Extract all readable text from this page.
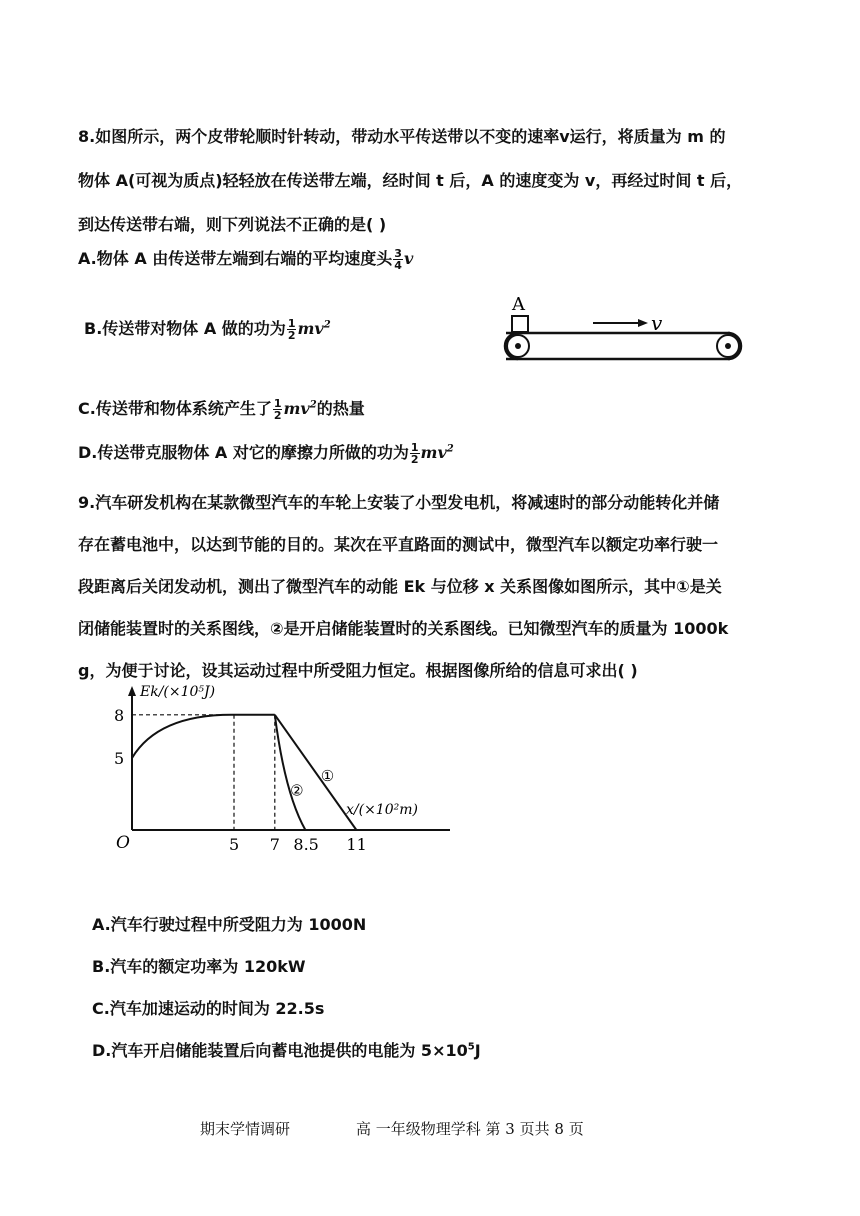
8.如图所示，两个皮带轮顺时针转动，带动水平传送带以不变的速率v运行，将质量为 m 的
物体 A(可视为质点)轻轻放在传送带左端，经时间 t 后，A 的速度变为 v，再经过时间 t 后，
到达传送带右端，则下列说法不正确的是( )
A.物体 A 由传送带左端到右端的平均速度头 $\frac{3}{4}$ v
B.传送带对物体 A 做的功为 $\frac{1}{2} mv^2$
A
v
C.传送带和物体系统产生了 $\frac{1}{2} mv^2$的热量
D.传送带克服物体 A 对它的摩擦力所做的功为 $\frac{1}{2} mv^2$
9.汽车研发机构在某款微型汽车的车轮上安装了小型发电机，将减速时的部分动能转化并储
存在蓄电池中，以达到节能的目的。某次在平直路面的测试中，微型汽车以额定功率行驶一
段距离后关闭发动机，测出了微型汽车的动能 Ek 与位移 x 关系图像如图所示，其中①是关
闭储能装置时的关系图线，②是开启储能装置时的关系图线。已知微型汽车的质量为 1000k
g，为便于讨论，设其运动过程中所受阻力恒定。根据图像所给的信息可求出( )
Ek/(×10⁵J)
x/(×10²m)
O
8
5
5 7 8.5 11
①
②
A.汽车行驶过程中所受阻力为 1000N
B.汽车的额定功率为 120kW
C.汽车加速运动的时间为 22.5s
D.汽车开启储能装置后向蓄电池提供的电能为 $5\times 10^5J$
期末学情调研	高 一年级物理学科 第 3 页共 8 页
